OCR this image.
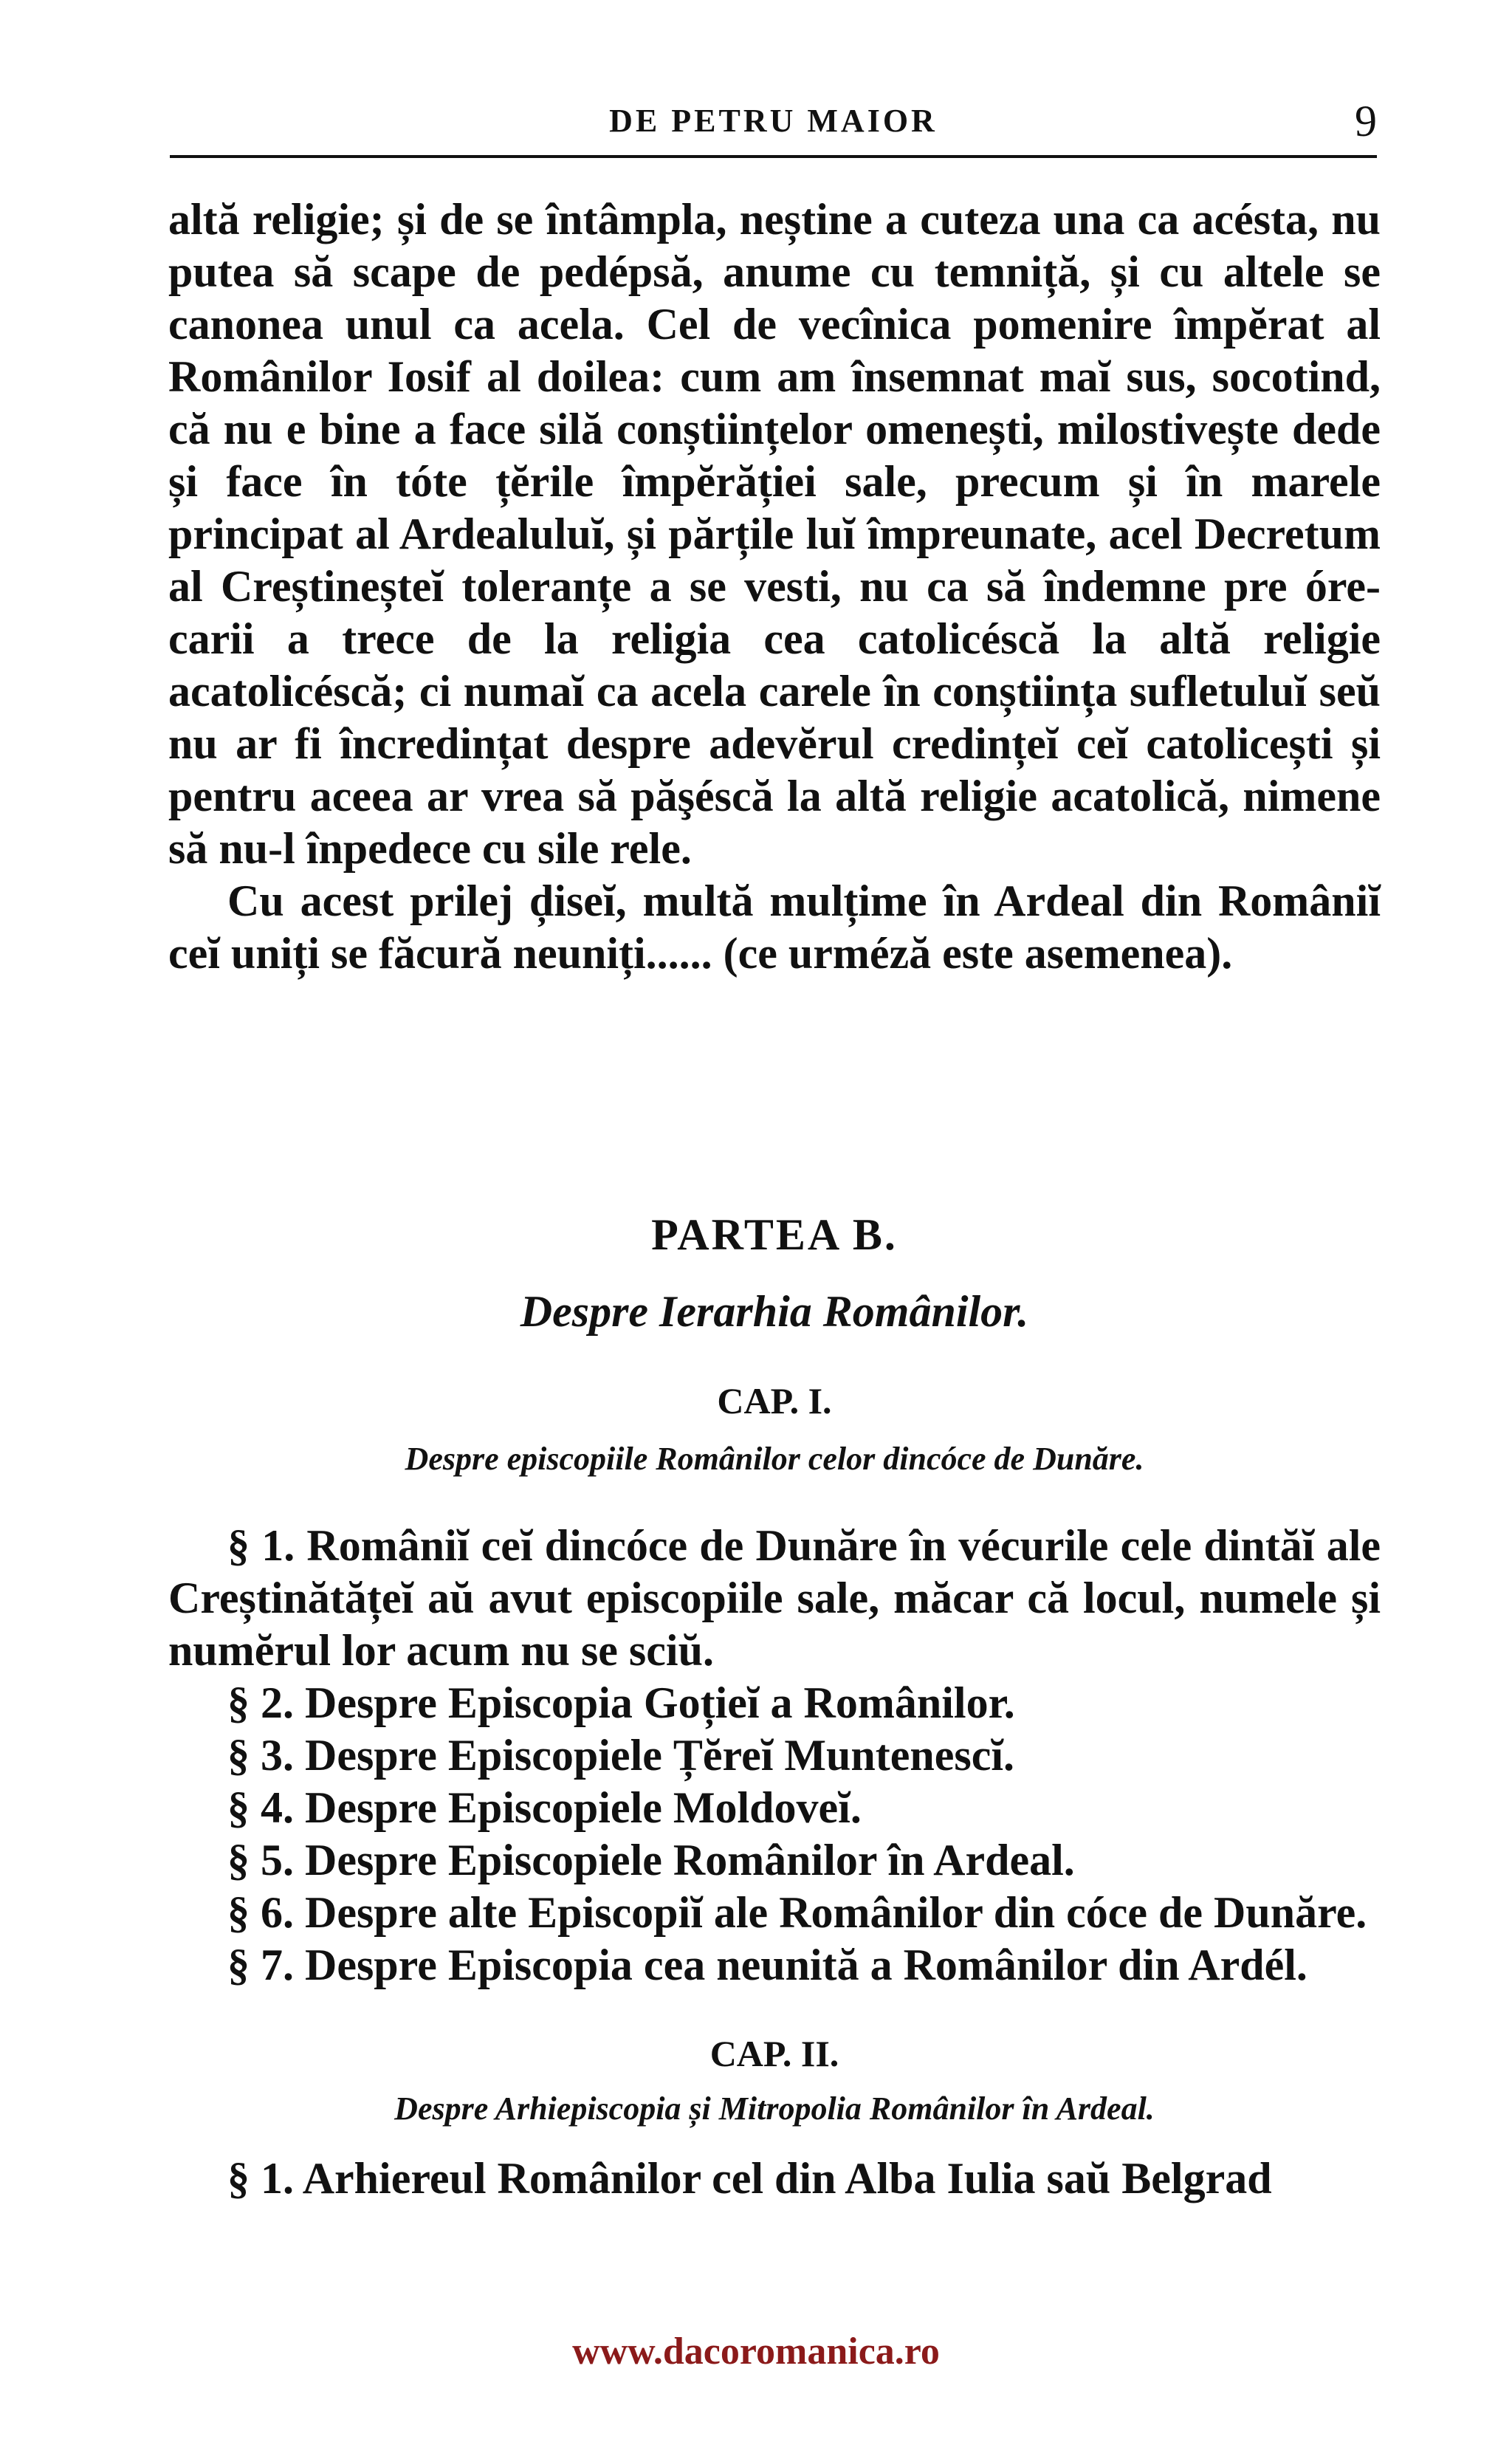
DE PETRU MAIOR	9

altă religie; și de se întâmpla, neștine a cuteza una ca acésta, nu putea să scape de pedépsă, anume cu temniță, și cu altele se canonea unul ca acela. Cel de vecînica pomenire împĕrat al Românilor Iosif al doilea: cum am însemnat maĭ sus, socotind, că nu e bine a face silă conștiințelor omenești, milostivește dede și face în tóte țĕrile împĕrăției sale, precum și în marele principat al Ardealuluĭ, și părțile luĭ împreunate, acel Decretum al Creștineșteĭ toleranțe a se vesti, nu ca să îndemne pre óre-carii a trece de la religia cea catolicéscă la altă religie acatolicéscă; ci numaĭ ca acela carele în conștiința sufletuluĭ seŭ nu ar fi încredințat despre adevĕrul credințeĭ ceĭ catolicești și pentru aceea ar vrea să păşéscă la altă religie acatolică, nimene să nu-l înpedece cu sile rele.
Cu acest prilej ḑiseĭ, multă mulțime în Ardeal din Româniĭ ceĭ uniți se făcură neuniți...... (ce urméză este asemenea).

PARTEA B.
Despre Ierarhia Românilor.
CAP. I.
Despre episcopiile Românilor celor dincóce de Dunăre.
§ 1. Româniĭ ceĭ dincóce de Dunăre în vécurile cele dintăĭ ale Creștinătățeĭ aŭ avut episcopiile sale, măcar că locul, numele și numĕrul lor acum nu se sciŭ.
§ 2. Despre Episcopia Goțieĭ a Românilor.
§ 3. Despre Episcopiele Țĕreĭ Muntenescĭ.
§ 4. Despre Episcopiele Moldoveĭ.
§ 5. Despre Episcopiele Românilor în Ardeal.
§ 6. Despre alte Episcopiĭ ale Românilor din cóce de Dunăre.
§ 7. Despre Episcopia cea neunită a Românilor din Ardél.
CAP. II.
Despre Arhiepiscopia și Mitropolia Românilor în Ardeal.

§ 1. Arhiereul Românilor cel din Alba Iulia saŭ Belgrad

www.dacoromanica.ro
